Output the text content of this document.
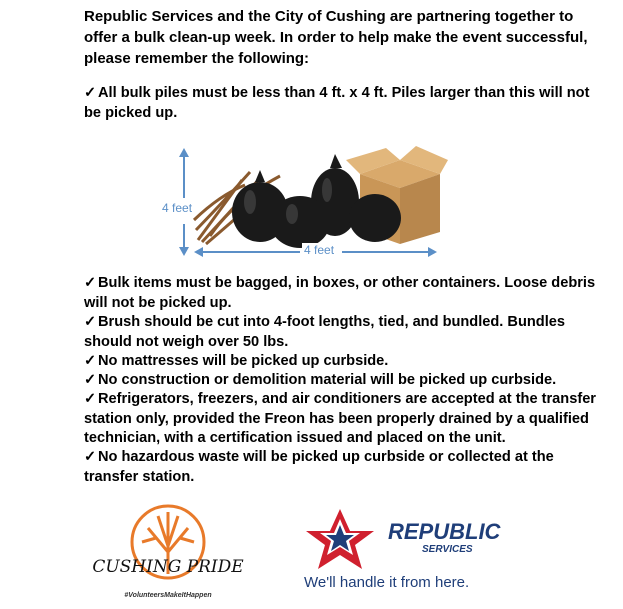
Republic Services and the City of Cushing are partnering together to offer a bulk clean-up week. In order to help make the event successful, please remember the following:
✓ All bulk piles must be less than 4 ft. x 4 ft. Piles larger than this will not be picked up.
4 feet
4 feet
✓ Bulk items must be bagged, in boxes, or other containers. Loose debris will not be picked up.
✓ Brush should be cut into 4-foot lengths, tied, and bundled. Bundles should not weigh over 50 lbs.
✓ No mattresses will be picked up curbside.
✓ No construction or demolition material will be picked up curbside.
✓ Refrigerators, freezers, and air conditioners are accepted at the transfer station only, provided the Freon has been properly drained by a qualified technician, with a certification issued and placed on the unit.
✓ No hazardous waste will be picked up curbside or collected at the transfer station.
CUSHING PRIDE
#VolunteersMakeItHappen
REPUBLIC
SERVICES
We'll handle it from here.
